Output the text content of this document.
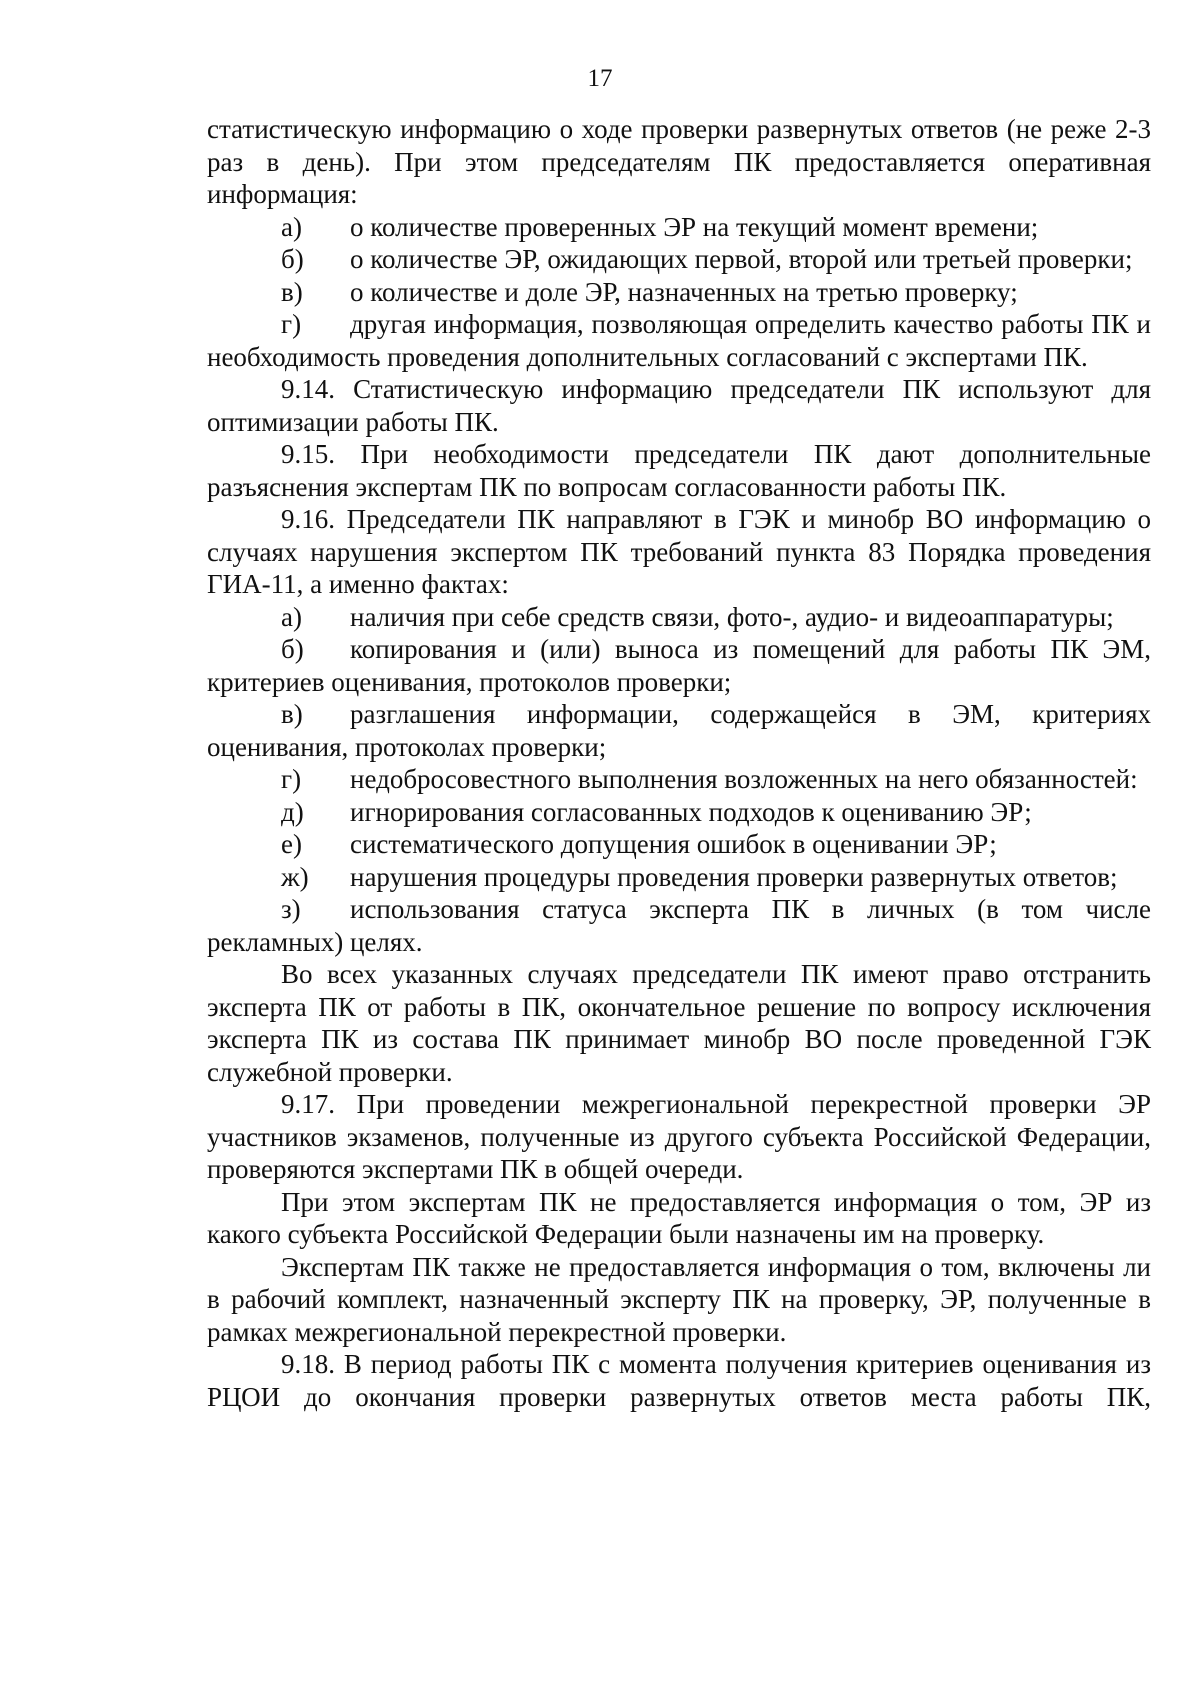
17

статистическую информацию о ходе проверки развернутых ответов (не реже 2-3 раз в день). При этом председателям ПК предоставляется оперативная информация:

а) о количестве проверенных ЭР на текущий момент времени;

б) о количестве ЭР, ожидающих первой, второй или третьей проверки;

в) о количестве и доле ЭР, назначенных на третью проверку;

г) другая информация, позволяющая определить качество работы ПК и необходимость проведения дополнительных согласований с экспертами ПК.

9.14. Статистическую информацию председатели ПК используют для оптимизации работы ПК.

9.15. При необходимости председатели ПК дают дополнительные разъяснения экспертам ПК по вопросам согласованности работы ПК.

9.16. Председатели ПК направляют в ГЭК и минобр ВО информацию о случаях нарушения экспертом ПК требований пункта 83 Порядка проведения ГИА-11, а именно фактах:

а) наличия при себе средств связи, фото-, аудио- и видеоаппаратуры;

б) копирования и (или) выноса из помещений для работы ПК ЭМ, критериев оценивания, протоколов проверки;

в) разглашения информации, содержащейся в ЭМ, критериях оценивания, протоколах проверки;

г) недобросовестного выполнения возложенных на него обязанностей:

д) игнорирования согласованных подходов к оцениванию ЭР;

е) систематического допущения ошибок в оценивании ЭР;

ж) нарушения процедуры проведения проверки развернутых ответов;

з) использования статуса эксперта ПК в личных (в том числе рекламных) целях.

Во всех указанных случаях председатели ПК имеют право отстранить эксперта ПК от работы в ПК, окончательное решение по вопросу исключения эксперта ПК из состава ПК принимает минобр ВО после проведенной ГЭК служебной проверки.

9.17. При проведении межрегиональной перекрестной проверки ЭР участников экзаменов, полученные из другого субъекта Российской Федерации, проверяются экспертами ПК в общей очереди.

При этом экспертам ПК не предоставляется информация о том, ЭР из какого субъекта Российской Федерации были назначены им на проверку.

Экспертам ПК также не предоставляется информация о том, включены ли в рабочий комплект, назначенный эксперту ПК на проверку, ЭР, полученные в рамках межрегиональной перекрестной проверки.

9.18. В период работы ПК с момента получения критериев оценивания из РЦОИ до окончания проверки развернутых ответов места работы ПК,
